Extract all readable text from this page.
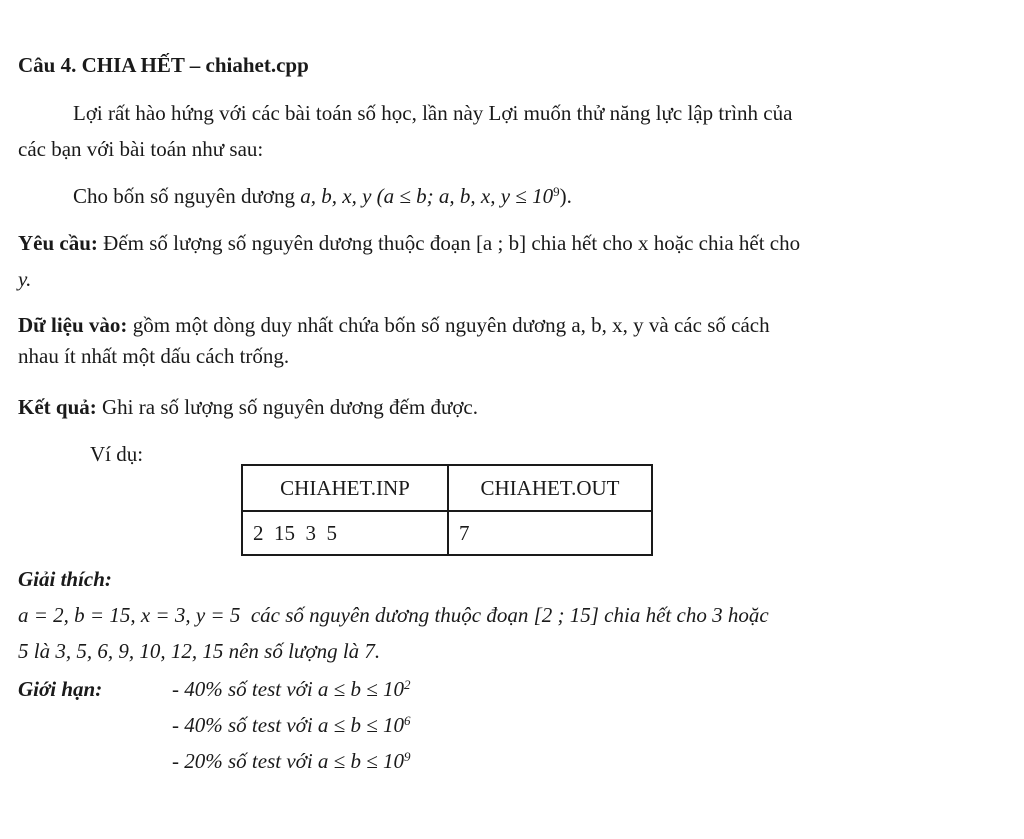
Câu 4. CHIA HẾT – chiahet.cpp
Lợi rất hào hứng với các bài toán số học, lần này Lợi muốn thử năng lực lập trình của
các bạn với bài toán như sau:
Cho bốn số nguyên dương a, b, x, y (a ≤ b; a, b, x, $y \le 10^9$).
Yêu cầu: Đếm số lượng số nguyên dương thuộc đoạn [a ; b] chia hết cho x hoặc chia hết cho
y.
Dữ liệu vào: gồm một dòng duy nhất chứa bốn số nguyên dương a, b, x, y và các số cách
nhau ít nhất một dấu cách trống.
Kết quả: Ghi ra số lượng số nguyên dương đếm được.
Ví dụ:
CHIAHET.INP	CHIAHET.OUT
2  15  3  5	7
Giải thích:
a = 2, b = 15, x = 3, y = 5  các số nguyên dương thuộc đoạn [2 ; 15] chia hết cho 3 hoặc
5 là 3, 5, 6, 9, 10, 12, 15 nên số lượng là 7.
Giới hạn:	- 40% số test với $a \le b \le 10^2$
- 40% số test với $a \le b \le 10^6$
- 20% số test với $a \le b \le 10^9$
